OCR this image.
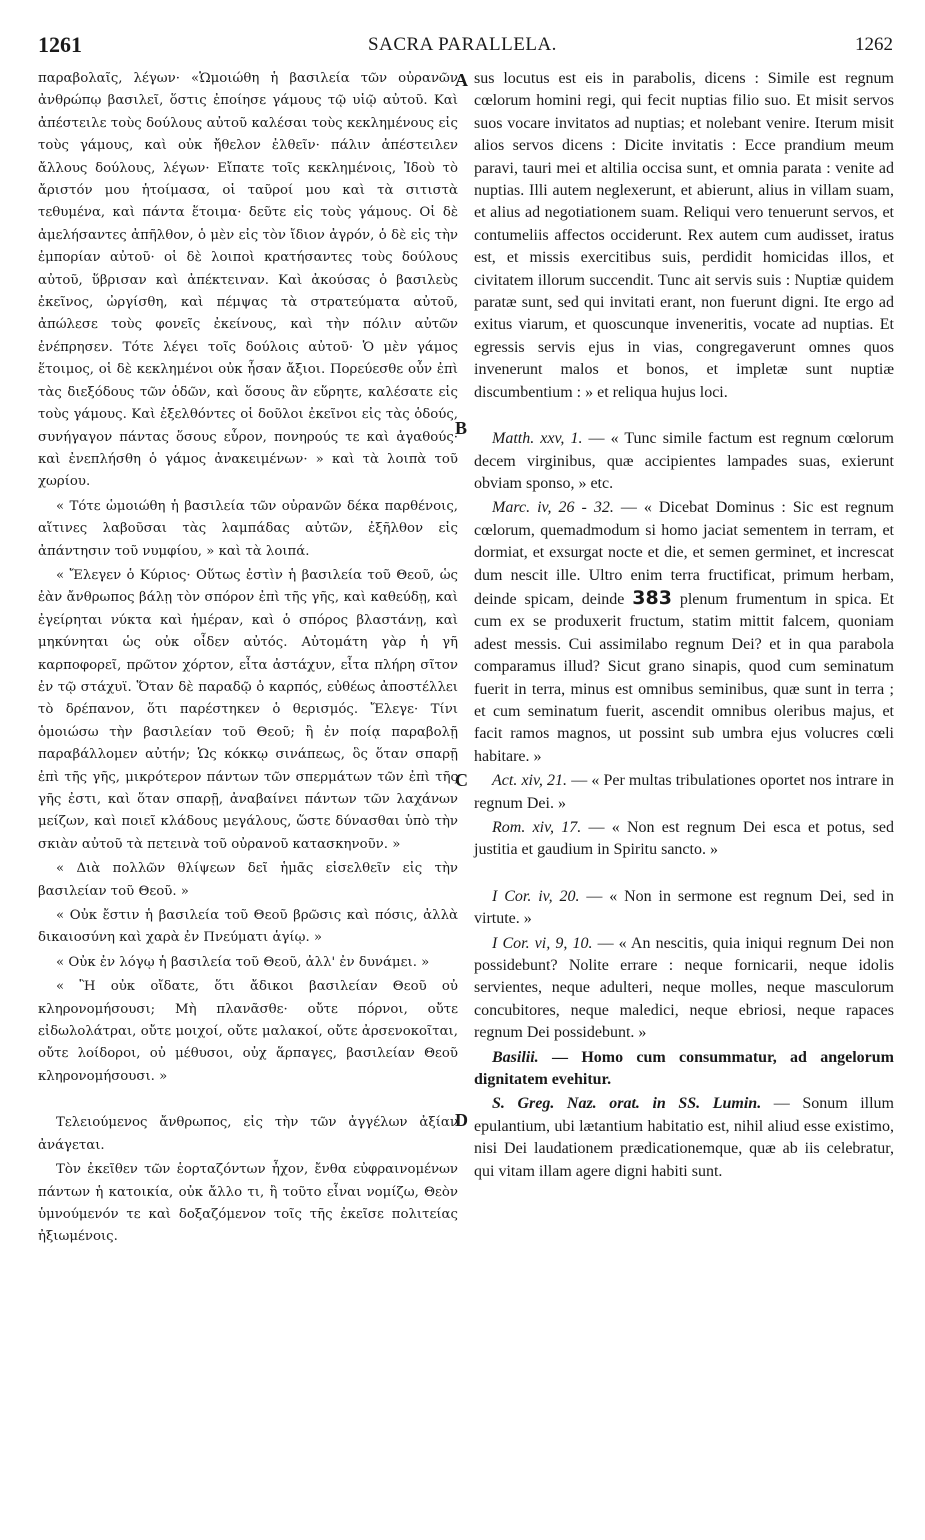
1261	SACRA PARALLELA.	1262
A
B
C
D

παραβολαῖς, λέγων· «Ὡμοιώθη ἡ βασιλεία τῶν οὐρανῶν ἀνθρώπῳ βασιλεῖ, ὅστις ἐποίησε γάμους τῷ υἱῷ αὐτοῦ. Καὶ ἀπέστειλε τοὺς δούλους αὐτοῦ καλέσαι τοὺς κεκλημένους εἰς τοὺς γάμους, καὶ οὐκ ἤθελον ἐλθεῖν· πάλιν ἀπέστειλεν ἄλλους δούλους, λέγων· Εἴπατε τοῖς κεκλημένοις, Ἰδοὺ τὸ ἄριστόν μου ἡτοίμασα, οἱ ταῦροί μου καὶ τὰ σιτιστὰ τεθυμένα, καὶ πάντα ἕτοιμα· δεῦτε εἰς τοὺς γάμους. Οἱ δὲ ἀμελήσαντες ἀπῆλθον, ὁ μὲν εἰς τὸν ἴδιον ἀγρόν, ὁ δὲ εἰς τὴν ἐμπορίαν αὐτοῦ· οἱ δὲ λοιποὶ κρατήσαντες τοὺς δούλους αὐτοῦ, ὕβρισαν καὶ ἀπέκτειναν. Καὶ ἀκούσας ὁ βασιλεὺς ἐκεῖνος, ὠργίσθη, καὶ πέμψας τὰ στρατεύματα αὐτοῦ, ἀπώλεσε τοὺς φονεῖς ἐκείνους, καὶ τὴν πόλιν αὐτῶν ἐνέπρησεν. Τότε λέγει τοῖς δούλοις αὐτοῦ· Ὁ μὲν γάμος ἕτοιμος, οἱ δὲ κεκλημένοι οὐκ ἦσαν ἄξιοι. Πορεύεσθε οὖν ἐπὶ τὰς διεξόδους τῶν ὁδῶν, καὶ ὅσους ἂν εὕρητε, καλέσατε εἰς τοὺς γάμους. Καὶ ἐξελθόντες οἱ δοῦλοι ἐκεῖνοι εἰς τὰς ὁδούς, συνήγαγον πάντας ὅσους εὗρον, πονηρούς τε καὶ ἀγαθούς· καὶ ἐνεπλήσθη ὁ γάμος ἀνακειμένων· » καὶ τὰ λοιπὰ τοῦ χωρίου.

« Τότε ὡμοιώθη ἡ βασιλεία τῶν οὐρανῶν δέκα παρθένοις, αἵτινες λαβοῦσαι τὰς λαμπάδας αὐτῶν, ἐξῆλθον εἰς ἀπάντησιν τοῦ νυμφίου, » καὶ τὰ λοιπά.

« Ἔλεγεν ὁ Κύριος· Οὕτως ἐστὶν ἡ βασιλεία τοῦ Θεοῦ, ὡς ἐὰν ἄνθρωπος βάλῃ τὸν σπόρον ἐπὶ τῆς γῆς, καὶ καθεύδῃ, καὶ ἐγείρηται νύκτα καὶ ἡμέραν, καὶ ὁ σπόρος βλαστάνῃ, καὶ μηκύνηται ὡς οὐκ οἶδεν αὐτός. Αὐτομάτη γὰρ ἡ γῆ καρποφορεῖ, πρῶτον χόρτον, εἶτα ἀστάχυν, εἶτα πλήρη σῖτον ἐν τῷ στάχυϊ. Ὅταν δὲ παραδῷ ὁ καρπός, εὐθέως ἀποστέλλει τὸ δρέπανον, ὅτι παρέστηκεν ὁ θερισμός. Ἔλεγε· Τίνι ὁμοιώσω τὴν βασιλείαν τοῦ Θεοῦ; ἢ ἐν ποίᾳ παραβολῇ παραβάλλομεν αὐτήν; Ὡς κόκκῳ σινάπεως, ὃς ὅταν σπαρῇ ἐπὶ τῆς γῆς, μικρότερον πάντων τῶν σπερμάτων τῶν ἐπὶ τῆς γῆς ἐστι, καὶ ὅταν σπαρῇ, ἀναβαίνει πάντων τῶν λαχάνων μείζων, καὶ ποιεῖ κλάδους μεγάλους, ὥστε δύνασθαι ὑπὸ τὴν σκιὰν αὐτοῦ τὰ πετεινὰ τοῦ οὐρανοῦ κατασκηνοῦν. »

« Διὰ πολλῶν θλίψεων δεῖ ἡμᾶς εἰσελθεῖν εἰς τὴν βασιλείαν τοῦ Θεοῦ. »

« Οὐκ ἔστιν ἡ βασιλεία τοῦ Θεοῦ βρῶσις καὶ πόσις, ἀλλὰ δικαιοσύνη καὶ χαρὰ ἐν Πνεύματι ἁγίῳ. »

« Οὐκ ἐν λόγῳ ἡ βασιλεία τοῦ Θεοῦ, ἀλλ' ἐν δυνάμει. »

« Ἢ οὐκ οἴδατε, ὅτι ἄδικοι βασιλείαν Θεοῦ οὐ κληρονομήσουσι; Μὴ πλανᾶσθε· οὔτε πόρνοι, οὔτε εἰδωλολάτραι, οὔτε μοιχοί, οὔτε μαλακοί, οὔτε ἀρσενοκοῖται, οὔτε λοίδοροι, οὐ μέθυσοι, οὐχ ἅρπαγες, βασιλείαν Θεοῦ κληρονομήσουσι. »

Τελειούμενος ἄνθρωπος, εἰς τὴν τῶν ἀγγέλων ἀξίαν ἀνάγεται.

Τὸν ἐκεῖθεν τῶν ἑορταζόντων ἦχον, ἔνθα εὐφραινομένων πάντων ἡ κατοικία, οὐκ ἄλλο τι, ἢ τοῦτο εἶναι νομίζω, Θεὸν ὑμνούμενόν τε καὶ δοξαζόμενον τοῖς τῆς ἐκεῖσε πολιτείας ἠξιωμένοις.

sus locutus est eis in parabolis, dicens : Simile est regnum cœlorum homini regi, qui fecit nuptias filio suo. Et misit servos suos vocare invitatos ad nuptias; et nolebant venire. Iterum misit alios servos dicens : Dicite invitatis : Ecce prandium meum paravi, tauri mei et altilia occisa sunt, et omnia parata : venite ad nuptias. Illi autem neglexerunt, et abierunt, alius in villam suam, et alius ad negotiationem suam. Reliqui vero tenuerunt servos, et contumeliis affectos occiderunt. Rex autem cum audisset, iratus est, et missis exercitibus suis, perdidit homicidas illos, et civitatem illorum succendit. Tunc ait servis suis : Nuptiæ quidem paratæ sunt, sed qui invitati erant, non fuerunt digni. Ite ergo ad exitus viarum, et quoscunque inveneritis, vocate ad nuptias. Et egressis servis ejus in vias, congregaverunt omnes quos invenerunt malos et bonos, et impletæ sunt nuptiæ discumbentium : » et reliqua hujus loci.

Matth. xxv, 1. — « Tunc simile factum est regnum cœlorum decem virginibus, quæ accipientes lampades suas, exierunt obviam sponso, » etc.

Marc. iv, 26 - 32. — « Dicebat Dominus : Sic est regnum cœlorum, quemadmodum si homo jaciat sementem in terram, et dormiat, et exsurgat nocte et die, et semen germinet, et increscat dum nescit ille. Ultro enim terra fructificat, primum herbam, deinde spicam, deinde 383 plenum frumentum in spica. Et cum ex se produxerit fructum, statim mittit falcem, quoniam adest messis. Cui assimilabo regnum Dei? et in qua parabola comparamus illud? Sicut grano sinapis, quod cum seminatum fuerit in terra, minus est omnibus seminibus, quæ sunt in terra ; et cum seminatum fuerit, ascendit omnibus oleribus majus, et facit ramos magnos, ut possint sub umbra ejus volucres cœli habitare. »

Act. xiv, 21. — « Per multas tribulationes oportet nos intrare in regnum Dei. »

Rom. xiv, 17. — « Non est regnum Dei esca et potus, sed justitia et gaudium in Spiritu sancto. »

I Cor. iv, 20. — « Non in sermone est regnum Dei, sed in virtute. »

I Cor. vi, 9, 10. — « An nescitis, quia iniqui regnum Dei non possidebunt? Nolite errare : neque fornicarii, neque idolis servientes, neque adulteri, neque molles, neque masculorum concubitores, neque maledici, neque ebriosi, neque rapaces regnum Dei possidebunt. »

Basilii. — Homo cum consummatur, ad angelorum dignitatem evehitur.

S. Greg. Naz. orat. in SS. Lumin. — Sonum illum epulantium, ubi lætantium habitatio est, nihil aliud esse existimo, nisi Dei laudationem prædicationemque, quæ ab iis celebratur, qui vitam illam agere digni habiti sunt.
